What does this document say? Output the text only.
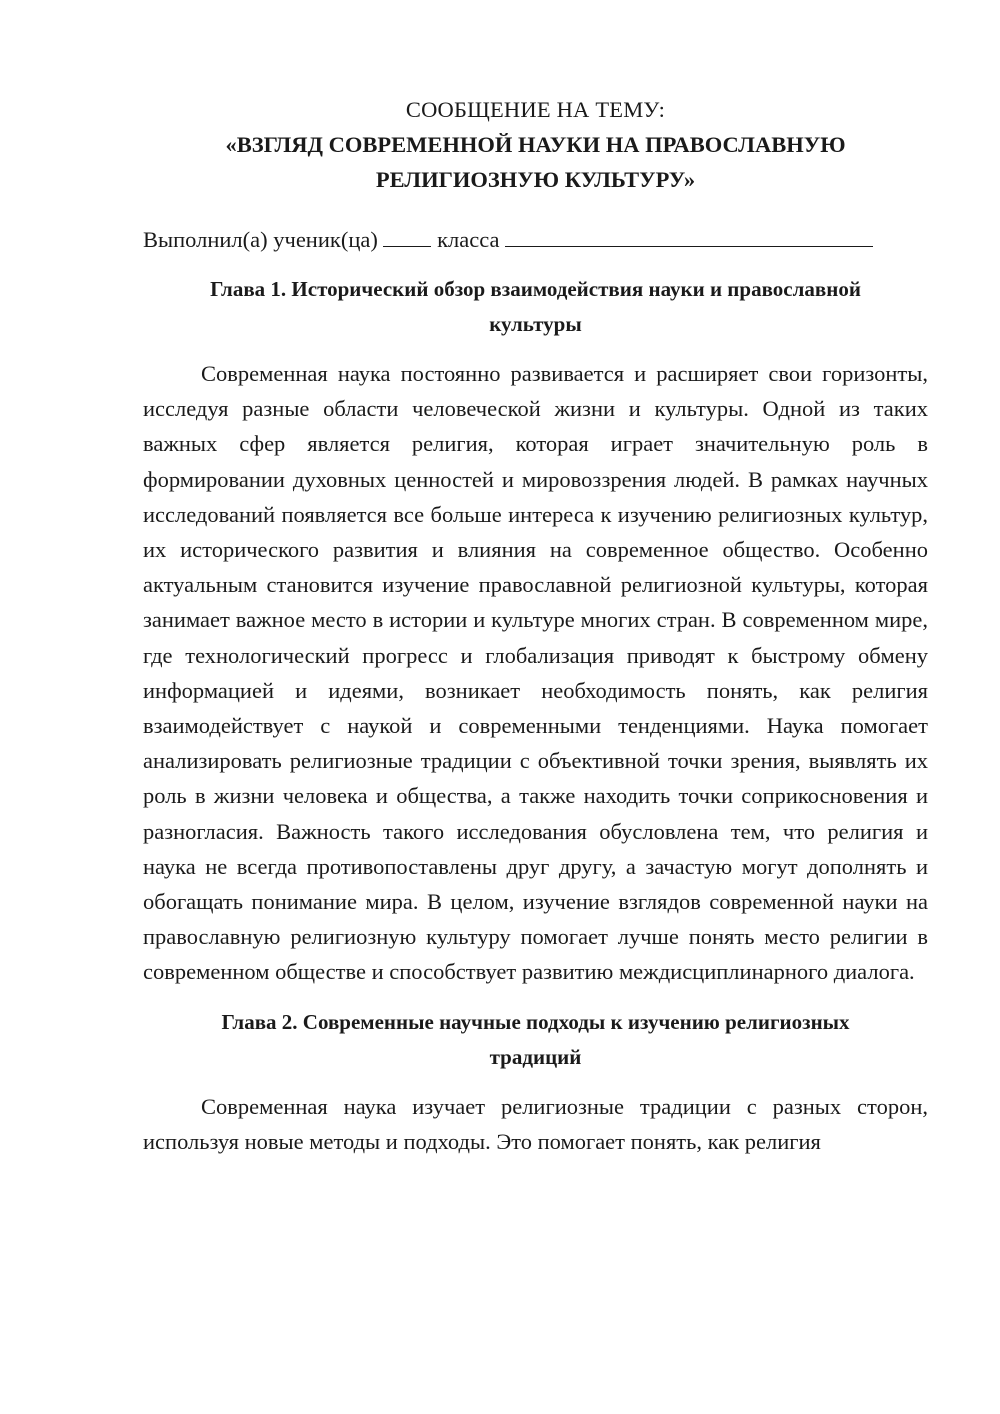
СООБЩЕНИЕ НА ТЕМУ:

«ВЗГЛЯД СОВРЕМЕННОЙ НАУКИ НА ПРАВОСЛАВНУЮ РЕЛИГИОЗНУЮ КУЛЬТУРУ»

Выполнил(а) ученик(ца)	класса

Глава 1. Исторический обзор взаимодействия науки и православной культуры

Современная наука постоянно развивается и расширяет свои горизонты, исследуя разные области человеческой жизни и культуры. Одной из таких важных сфер является религия, которая играет значительную роль в формировании духовных ценностей и мировоззрения людей. В рамках научных исследований появляется все больше интереса к изучению религиозных культур, их исторического развития и влияния на современное общество. Особенно актуальным становится изучение православной религиозной культуры, которая занимает важное место в истории и культуре многих стран. В современном мире, где технологический прогресс и глобализация приводят к быстрому обмену информацией и идеями, возникает необходимость понять, как религия взаимодействует с наукой и современными тенденциями. Наука помогает анализировать религиозные традиции с объективной точки зрения, выявлять их роль в жизни человека и общества, а также находить точки соприкосновения и разногласия. Важность такого исследования обусловлена тем, что религия и наука не всегда противопоставлены друг другу, а зачастую могут дополнять и обогащать понимание мира. В целом, изучение взглядов современной науки на православную религиозную культуру помогает лучше понять место религии в современном обществе и способствует развитию междисциплинарного диалога.

Глава 2. Современные научные подходы к изучению религиозных традиций

Современная наука изучает религиозные традиции с разных сторон, используя новые методы и подходы. Это помогает понять, как религия
